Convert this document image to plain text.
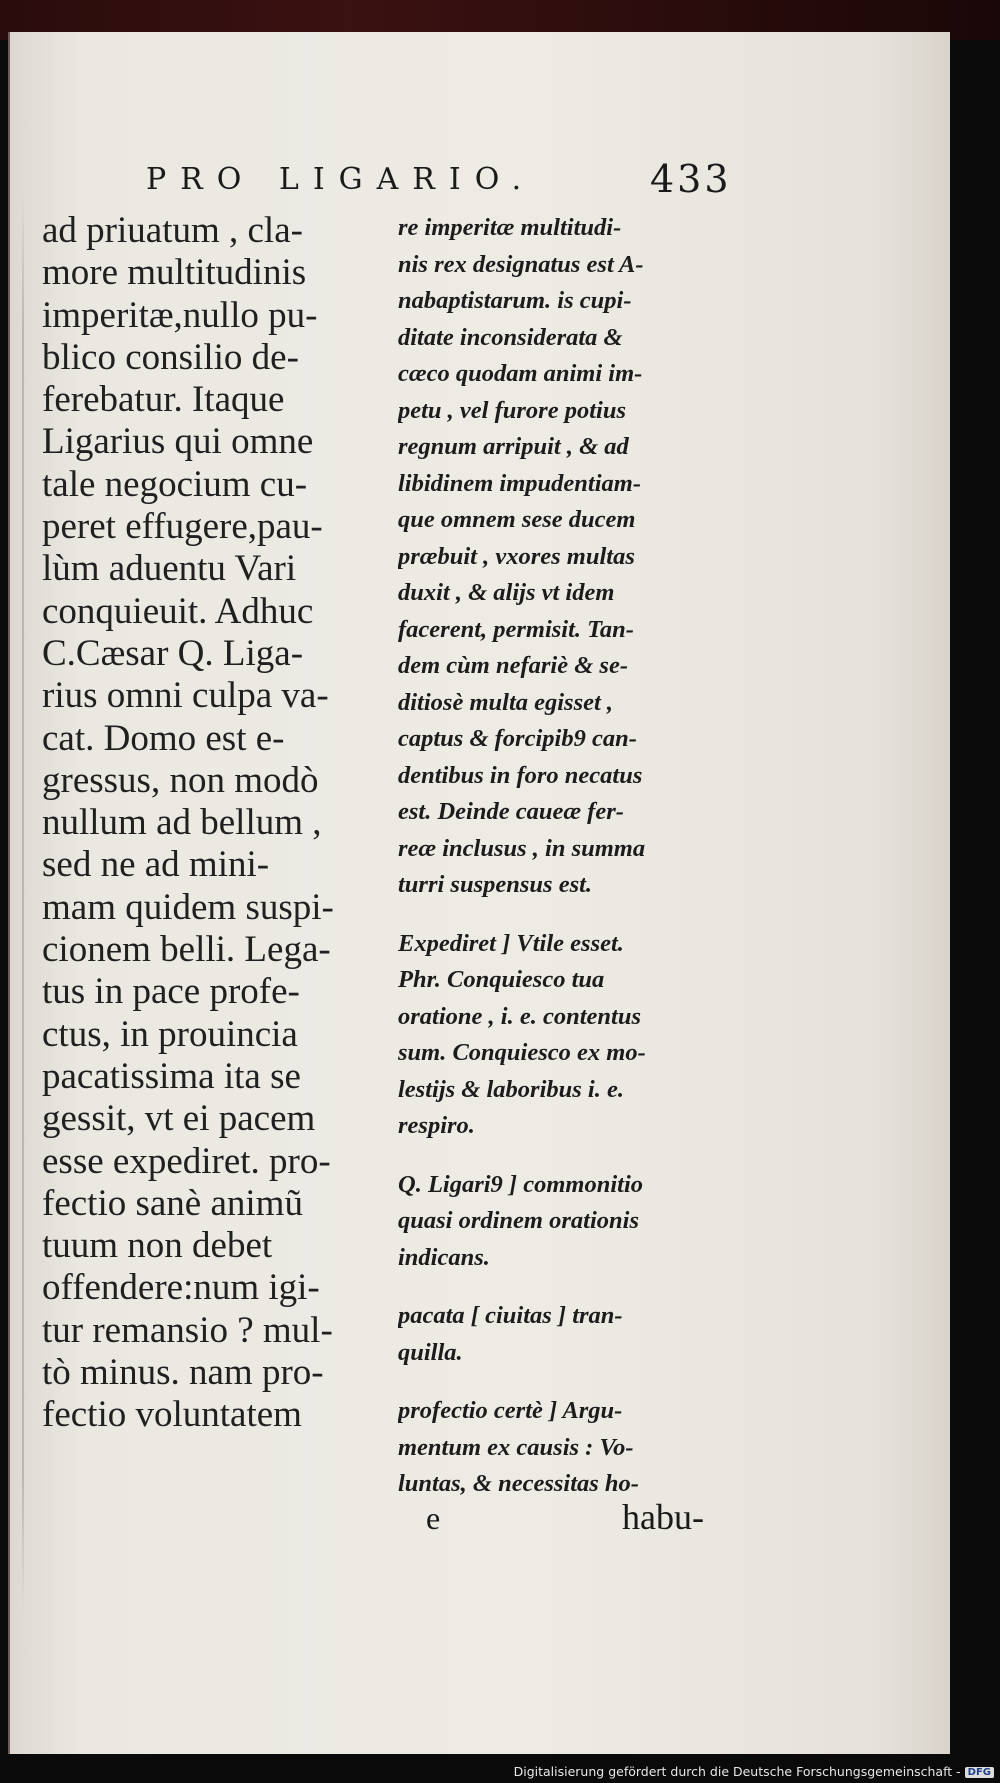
PRO LIGARIO.	433
ad priuatum , cla-
more multitudinis
imperitæ,nullo pu-
blico consilio de-
ferebatur. Itaque
Ligarius qui omne
tale negocium cu-
peret effugere,pau-
lùm aduentu Vari
conquieuit. Adhuc
C.Cæsar Q. Liga-
rius omni culpa va-
cat. Domo est e-
gressus, non modò
nullum ad bellum ,
sed ne ad mini-
mam quidem suspi-
cionem belli. Lega-
tus in pace profe-
ctus, in prouincia
pacatissima ita se
gessit, vt ei pacem
esse expediret. pro-
fectio sanè animũ
tuum non debet
offendere:num igi-
tur remansio ? mul-
tò minus. nam pro-
fectio voluntatem
re imperitæ multitudi-
nis rex designatus est A-
nabaptistarum. is cupi-
ditate inconsiderata &
cæco quodam animi im-
petu , vel furore potius
regnum arripuit , & ad
libidinem impudentiam-
que omnem sese ducem
præbuit , vxores multas
duxit , & alijs vt idem
facerent, permisit. Tan-
dem cùm nefariè & se-
ditiosè multa egisset ,
captus & forcipib9 can-
dentibus in foro necatus
est. Deinde caueæ fer-
reæ inclusus , in summa
turri suspensus est.
Expediret ] Vtile esset.
Phr. Conquiesco tua
oratione , i. e. contentus
sum. Conquiesco ex mo-
lestijs & laboribus i. e.
respiro.
Q. Ligari9 ] commonitio
quasi ordinem orationis
indicans.
pacata [ ciuitas ] tran-
quilla.
profectio certè ] Argu-
mentum ex causis : Vo-
luntas, & necessitas ho-
e	habu-
Digitalisierung gefördert durch die Deutsche Forschungsgemeinschaft - DFG
